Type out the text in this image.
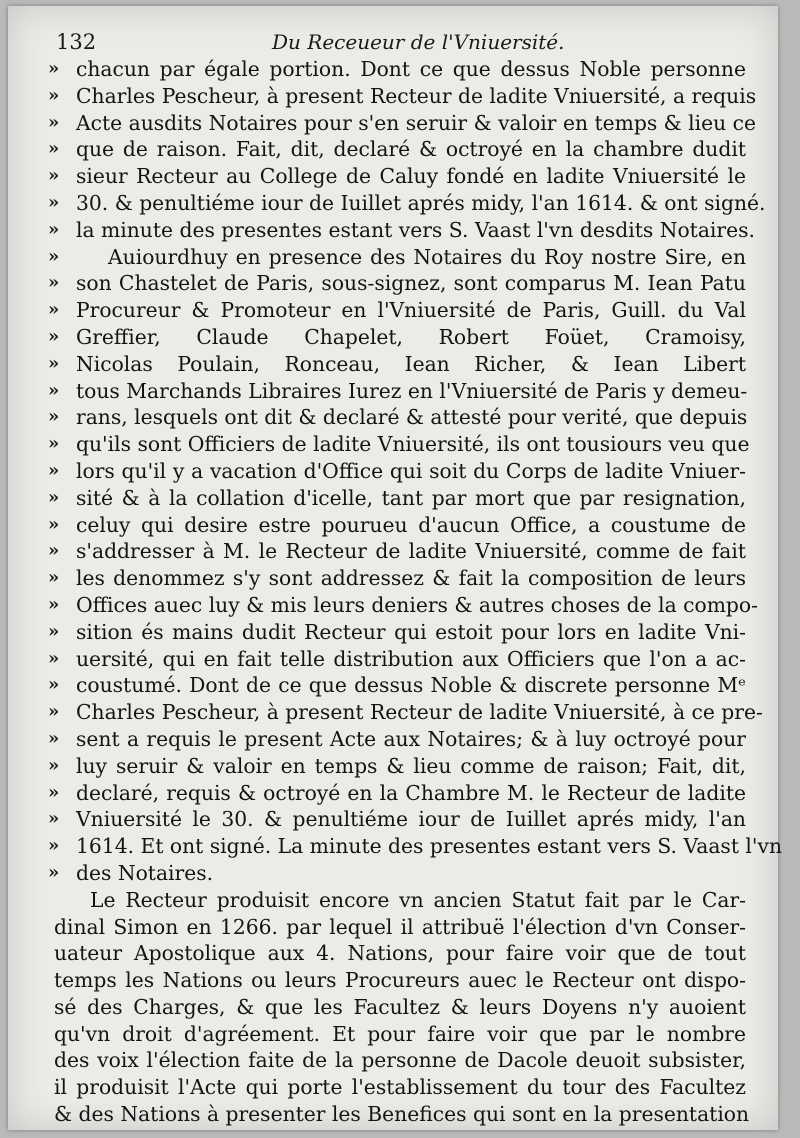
132	Du Receueur de l'Vniuersité.
» chacun par égale portion. Dont ce que dessus Noble personne
» Charles Pescheur, à present Recteur de ladite Vniuersité, a requis
» Acte ausdits Notaires pour s'en seruir & valoir en temps & lieu ce
» que de raison. Fait, dit, declaré & octroyé en la chambre dudit
» sieur Recteur au College de Caluy fondé en ladite Vniuersité le
» 30. & penultiéme iour de Iuillet aprés midy, l'an 1614. & ont signé.
» la minute des presentes estant vers S. Vaast l'vn desdits Notaires.
»	Auiourdhuy en presence des Notaires du Roy nostre Sire, en
» son Chastelet de Paris, sous-signez, sont comparus M. Iean Patu
» Procureur & Promoteur en l'Vniuersité de Paris, Guill. du Val
» Greffier, Claude Chapelet, Robert Foüet, Cramoisy,
» Nicolas Poulain, Ronceau, Iean Richer, & Iean Libert
» tous Marchands Libraires Iurez en l'Vniuersité de Paris y demeu-
» rans, lesquels ont dit & declaré & attesté pour verité, que depuis
» qu'ils sont Officiers de ladite Vniuersité, ils ont tousiours veu que
» lors qu'il y a vacation d'Office qui soit du Corps de ladite Vniuer-
» sité & à la collation d'icelle, tant par mort que par resignation,
» celuy qui desire estre pourueu d'aucun Office, a coustume de
» s'addresser à M. le Recteur de ladite Vniuersité, comme de fait
» les denommez s'y sont addressez & fait la composition de leurs
» Offices auec luy & mis leurs deniers & autres choses de la compo-
» sition és mains dudit Recteur qui estoit pour lors en ladite Vni-
» uersité, qui en fait telle distribution aux Officiers que l'on a ac-
» coustumé. Dont de ce que dessus Noble & discrete personne Mᵉ
» Charles Pescheur, à present Recteur de ladite Vniuersité, à ce pre-
» sent a requis le present Acte aux Notaires; & à luy octroyé pour
» luy seruir & valoir en temps & lieu comme de raison; Fait, dit,
» declaré, requis & octroyé en la Chambre M. le Recteur de ladite
» Vniuersité le 30. & penultiéme iour de Iuillet aprés midy, l'an
» 1614. Et ont signé. La minute des presentes estant vers S. Vaast l'vn
» des Notaires.
Le Recteur produisit encore vn ancien Statut fait par le Car-
dinal Simon en 1266. par lequel il attribuë l'élection d'vn Conser-
uateur Apostolique aux 4. Nations, pour faire voir que de tout
temps les Nations ou leurs Procureurs auec le Recteur ont dispo-
sé des Charges, & que les Facultez & leurs Doyens n'y auoient
qu'vn droit d'agréement. Et pour faire voir que par le nombre
des voix l'élection faite de la personne de Dacole deuoit subsister,
il produisit l'Acte qui porte l'establissement du tour des Facultez
& des Nations à presenter les Benefices qui sont en la presentation
